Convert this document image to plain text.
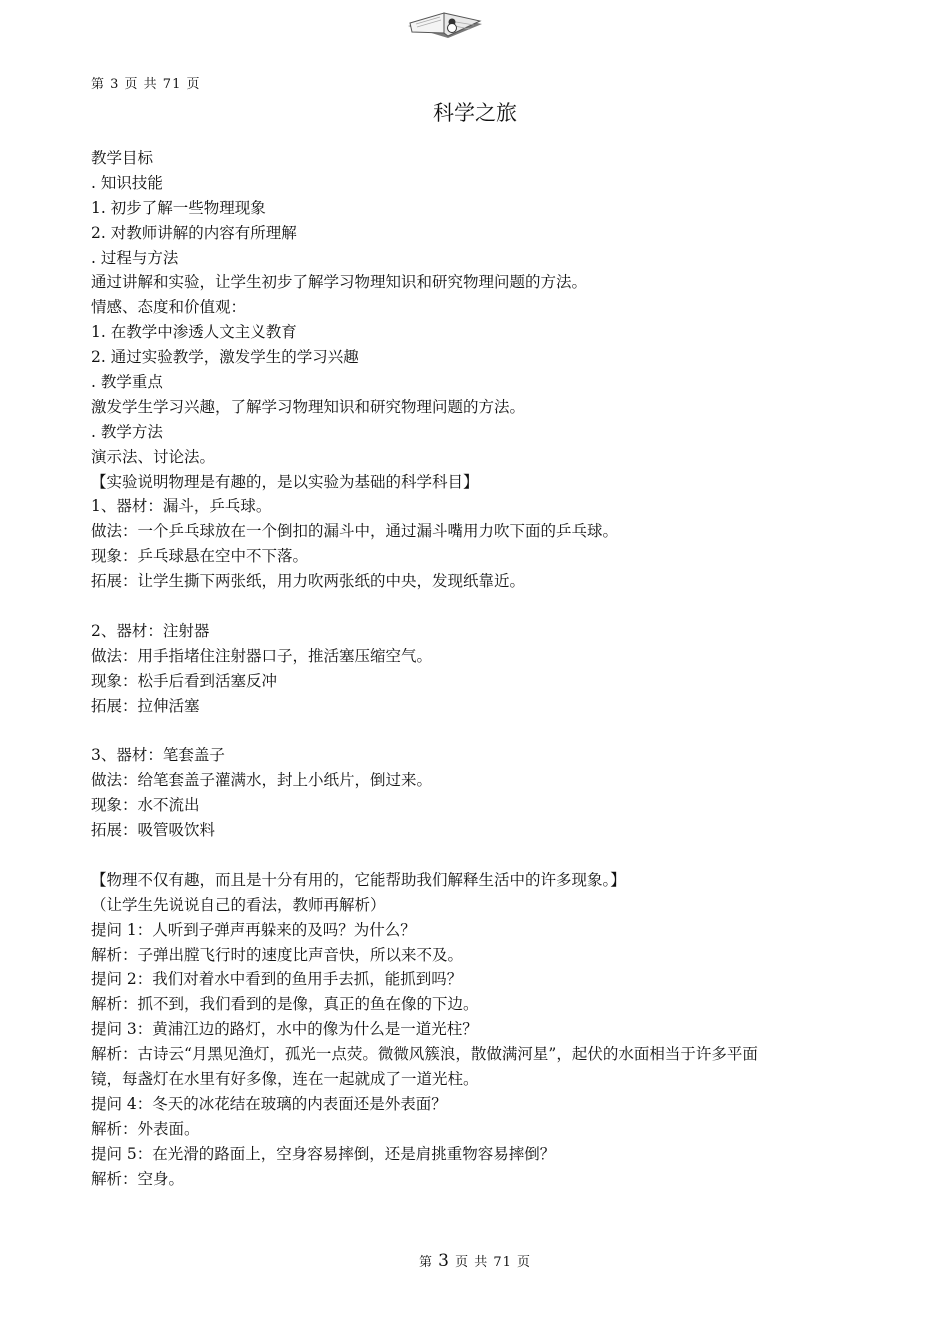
第 3 页 共 71 页
科学之旅
教学目标
. 知识技能
1. 初步了解一些物理现象
2. 对教师讲解的内容有所理解
. 过程与方法
通过讲解和实验，让学生初步了解学习物理知识和研究物理问题的方法。
情感、态度和价值观：
1. 在教学中渗透人文主义教育
2. 通过实验教学，激发学生的学习兴趣
. 教学重点
激发学生学习兴趣，了解学习物理知识和研究物理问题的方法。
. 教学方法
演示法、讨论法。
【实验说明物理是有趣的，是以实验为基础的科学科目】
1、器材：漏斗，乒乓球。
做法：一个乒乓球放在一个倒扣的漏斗中，通过漏斗嘴用力吹下面的乒乓球。
现象：乒乓球悬在空中不下落。
拓展：让学生撕下两张纸，用力吹两张纸的中央，发现纸靠近。
2、器材：注射器
做法：用手指堵住注射器口子，推活塞压缩空气。
现象：松手后看到活塞反冲
拓展：拉伸活塞
3、器材：笔套盖子
做法：给笔套盖子灌满水，封上小纸片，倒过来。
现象：水不流出
拓展：吸管吸饮料
【物理不仅有趣，而且是十分有用的，它能帮助我们解释生活中的许多现象。】
（让学生先说说自己的看法，教师再解析）
提问 1：人听到子弹声再躲来的及吗？为什么？
解析：子弹出膛飞行时的速度比声音快，所以来不及。
提问 2：我们对着水中看到的鱼用手去抓，能抓到吗？
解析：抓不到，我们看到的是像，真正的鱼在像的下边。
提问 3：黄浦江边的路灯，水中的像为什么是一道光柱？
解析：古诗云“月黑见渔灯，孤光一点荧。微微风簇浪，散做满河星”，起伏的水面相当于许多平面
镜，每盏灯在水里有好多像，连在一起就成了一道光柱。
提问 4：冬天的冰花结在玻璃的内表面还是外表面？
解析：外表面。
提问 5：在光滑的路面上，空身容易摔倒，还是肩挑重物容易摔倒？
解析：空身。
第 3 页 共 71 页
